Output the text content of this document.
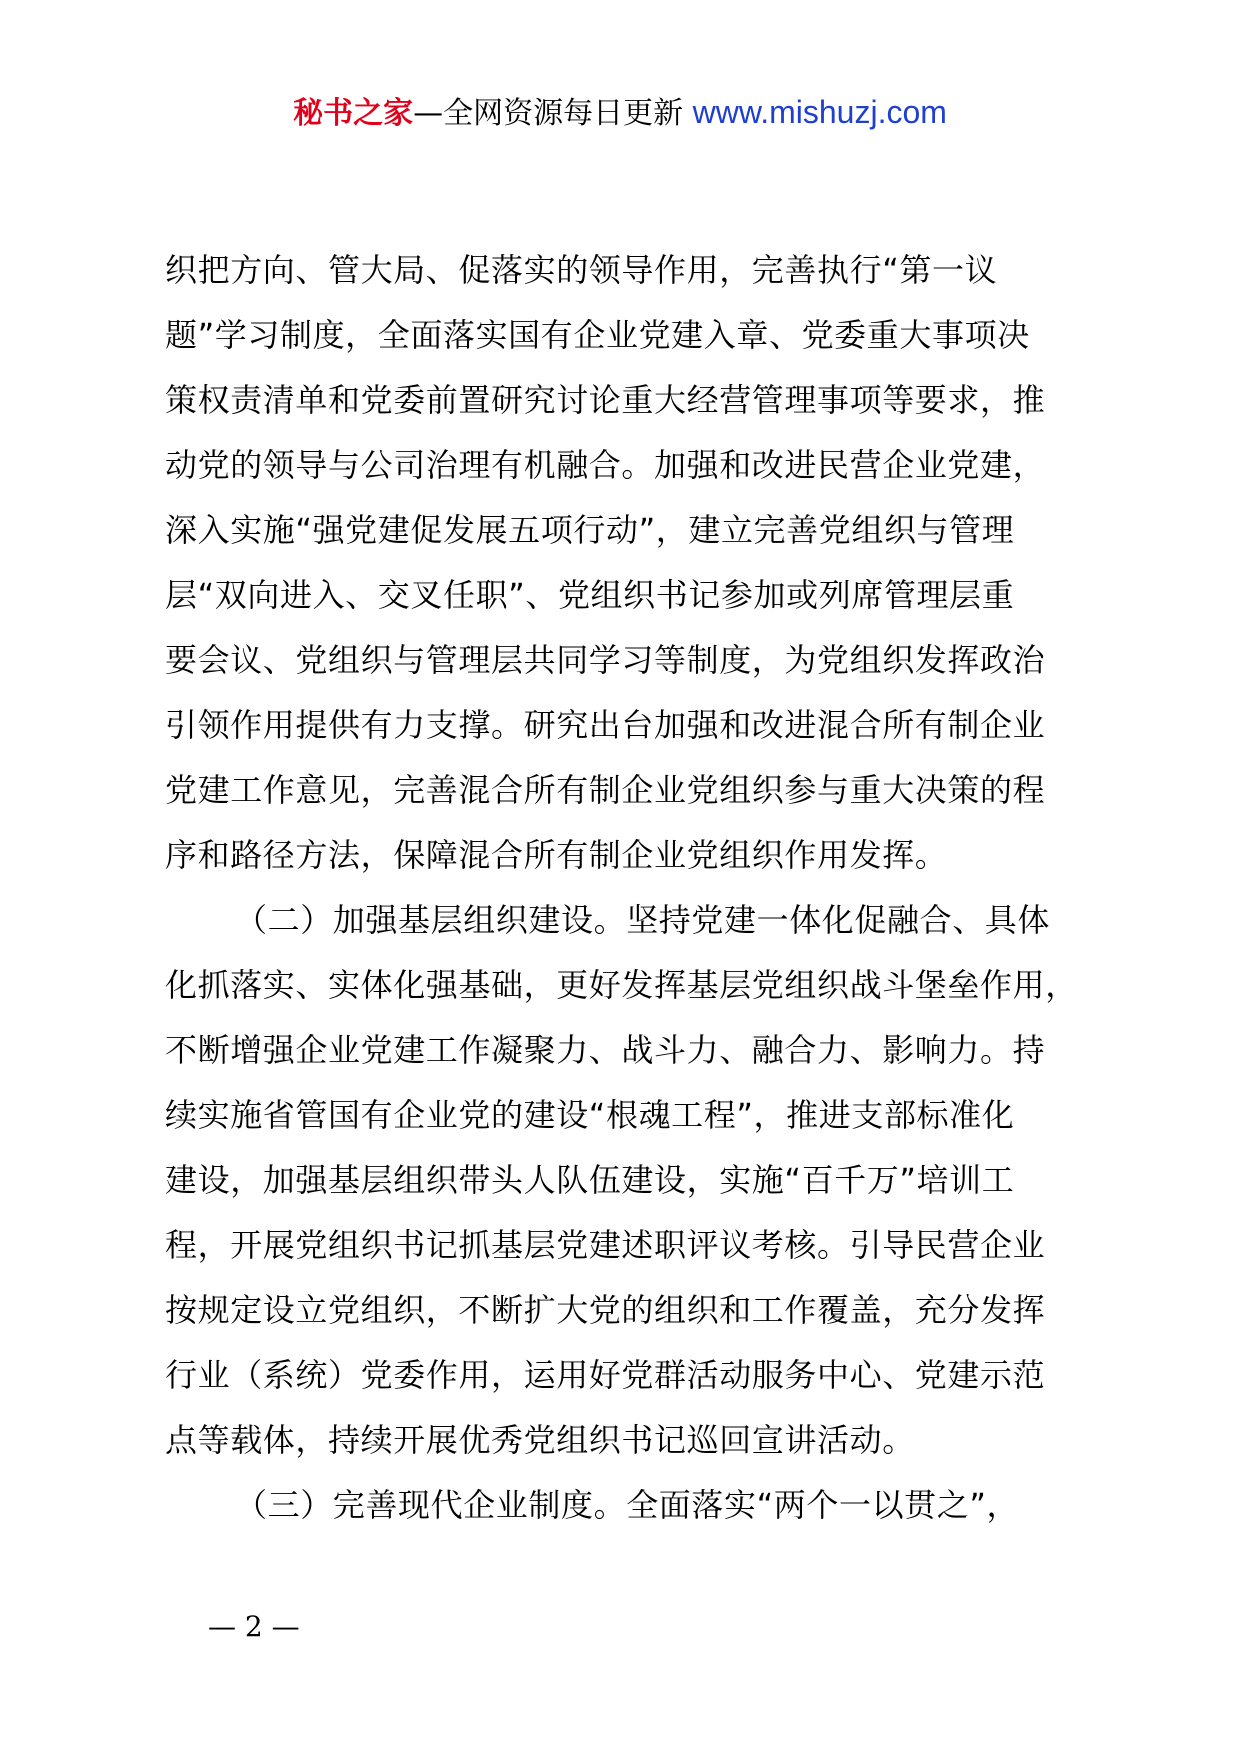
秘书之家—全网资源每日更新 www.mishuzj.com
织把方向、管大局、促落实的领导作用，完善执行“第一议
题”学习制度，全面落实国有企业党建入章、党委重大事项决
策权责清单和党委前置研究讨论重大经营管理事项等要求，推
动党的领导与公司治理有机融合。加强和改进民营企业党建，
深入实施“强党建促发展五项行动”，建立完善党组织与管理
层“双向进入、交叉任职”、党组织书记参加或列席管理层重
要会议、党组织与管理层共同学习等制度，为党组织发挥政治
引领作用提供有力支撑。研究出台加强和改进混合所有制企业
党建工作意见，完善混合所有制企业党组织参与重大决策的程
序和路径方法，保障混合所有制企业党组织作用发挥。
（二）加强基层组织建设。坚持党建一体化促融合、具体
化抓落实、实体化强基础，更好发挥基层党组织战斗堡垒作用，
不断增强企业党建工作凝聚力、战斗力、融合力、影响力。持
续实施省管国有企业党的建设“根魂工程”，推进支部标准化
建设，加强基层组织带头人队伍建设，实施“百千万”培训工
程，开展党组织书记抓基层党建述职评议考核。引导民营企业
按规定设立党组织，不断扩大党的组织和工作覆盖，充分发挥
行业（系统）党委作用，运用好党群活动服务中心、党建示范
点等载体，持续开展优秀党组织书记巡回宣讲活动。
（三）完善现代企业制度。全面落实“两个一以贯之”，
— 2 —
